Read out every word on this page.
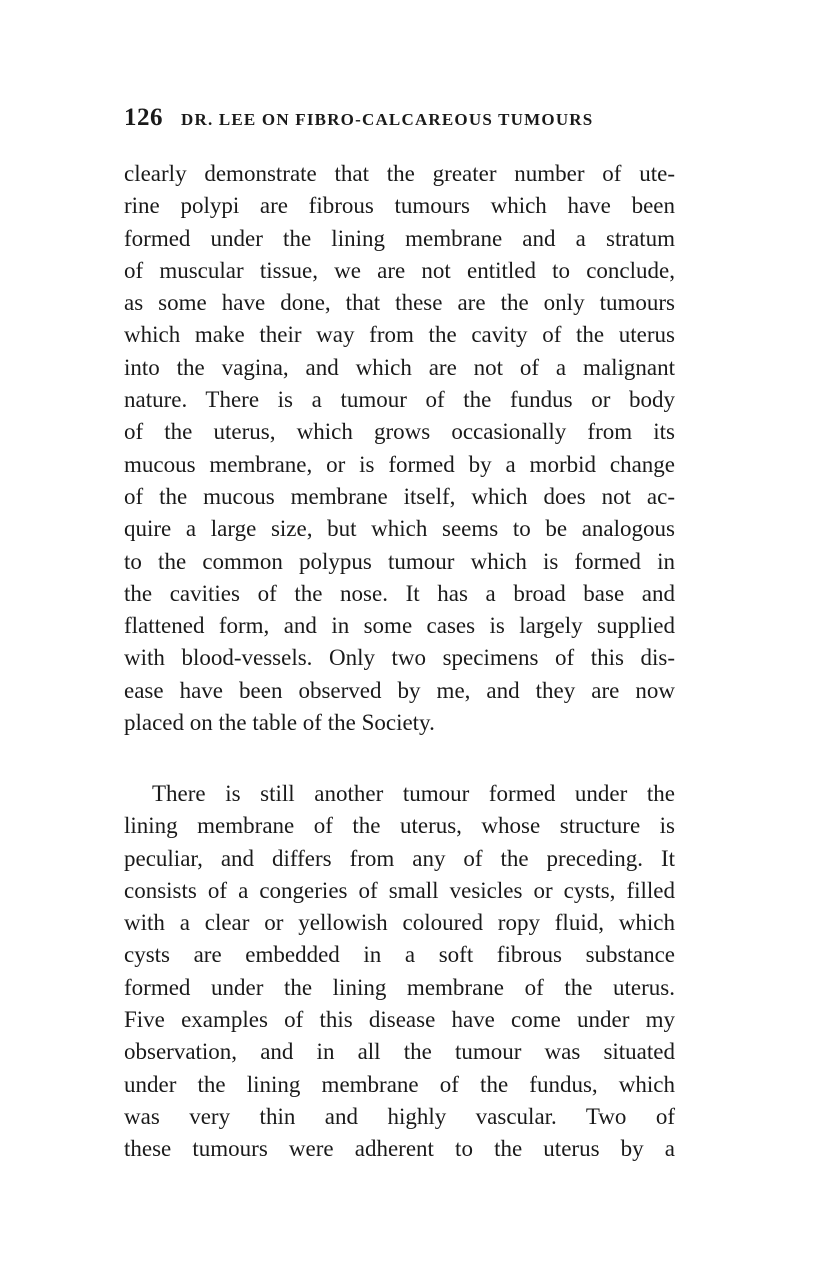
126 DR. LEE ON FIBRO-CALCAREOUS TUMOURS
clearly demonstrate that the greater number of ute-
rine polypi are fibrous tumours which have been
formed under the lining membrane and a stratum
of muscular tissue, we are not entitled to conclude,
as some have done, that these are the only tumours
which make their way from the cavity of the uterus
into the vagina, and which are not of a malignant
nature. There is a tumour of the fundus or body
of the uterus, which grows occasionally from its
mucous membrane, or is formed by a morbid change
of the mucous membrane itself, which does not ac-
quire a large size, but which seems to be analogous
to the common polypus tumour which is formed in
the cavities of the nose. It has a broad base and
flattened form, and in some cases is largely supplied
with blood-vessels. Only two specimens of this dis-
ease have been observed by me, and they are now
placed on the table of the Society.
There is still another tumour formed under the
lining membrane of the uterus, whose structure is
peculiar, and differs from any of the preceding. It
consists of a congeries of small vesicles or cysts, filled
with a clear or yellowish coloured ropy fluid, which
cysts are embedded in a soft fibrous substance
formed under the lining membrane of the uterus.
Five examples of this disease have come under my
observation, and in all the tumour was situated
under the lining membrane of the fundus, which
was very thin and highly vascular. Two of
these tumours were adherent to the uterus by a
